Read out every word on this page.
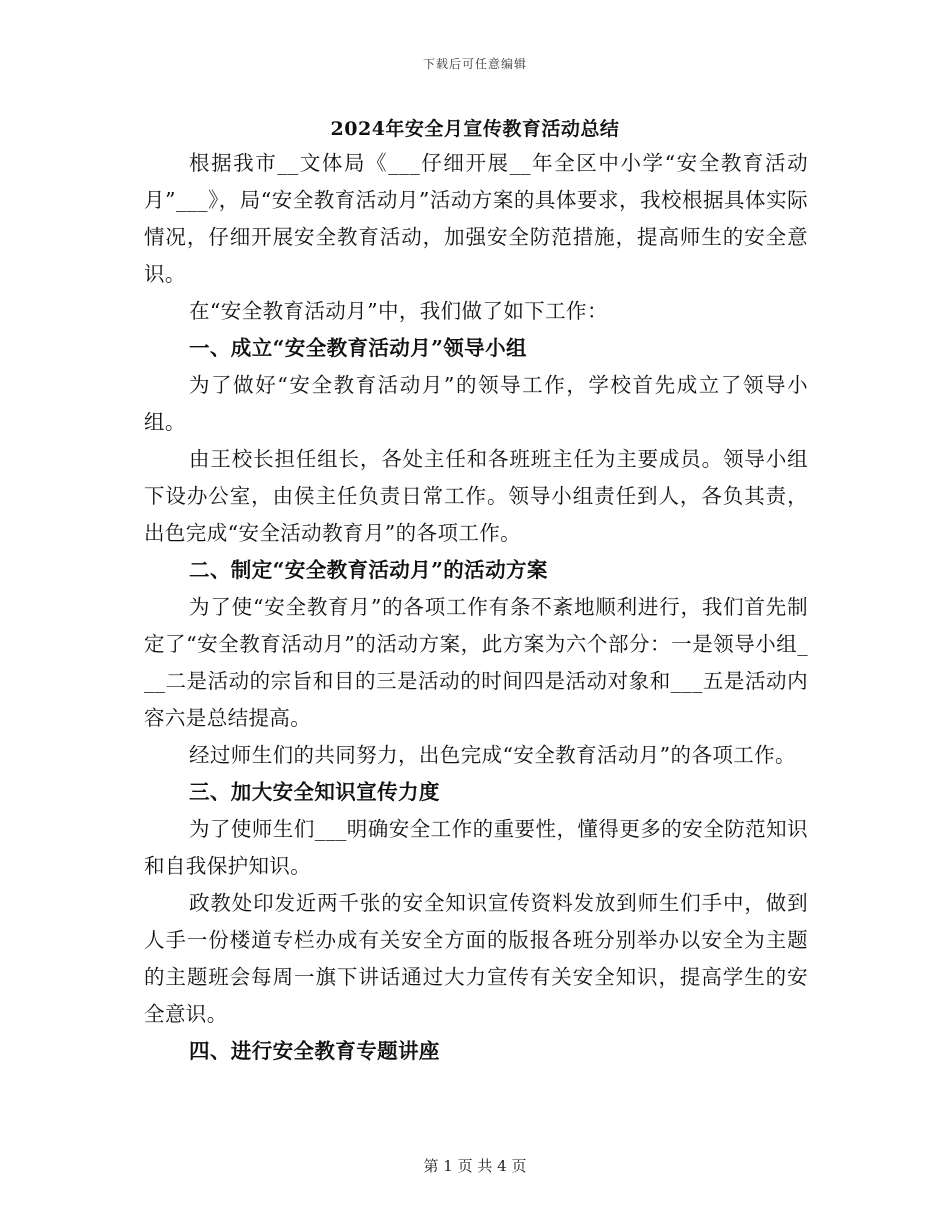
下载后可任意编辑
2024年安全月宣传教育活动总结

根据我市__文体局《___仔细开展__年全区中小学“安全教育活动月”___》，局“安全教育活动月”活动方案的具体要求，我校根据具体实际情况，仔细开展安全教育活动，加强安全防范措施，提高师生的安全意识。

在“安全教育活动月”中，我们做了如下工作：

一、成立“安全教育活动月”领导小组

为了做好“安全教育活动月”的领导工作，学校首先成立了领导小组。

由王校长担任组长，各处主任和各班班主任为主要成员。领导小组下设办公室，由侯主任负责日常工作。领导小组责任到人，各负其责，出色完成“安全活动教育月”的各项工作。

二、制定“安全教育活动月”的活动方案

为了使“安全教育月”的各项工作有条不紊地顺利进行，我们首先制定了“安全教育活动月”的活动方案，此方案为六个部分：一是领导小组___二是活动的宗旨和目的三是活动的时间四是活动对象和___五是活动内容六是总结提高。

经过师生们的共同努力，出色完成“安全教育活动月”的各项工作。

三、加大安全知识宣传力度

为了使师生们___明确安全工作的重要性，懂得更多的安全防范知识和自我保护知识。

政教处印发近两千张的安全知识宣传资料发放到师生们手中，做到人手一份楼道专栏办成有关安全方面的版报各班分别举办以安全为主题的主题班会每周一旗下讲话通过大力宣传有关安全知识，提高学生的安全意识。

四、进行安全教育专题讲座

第 1 页 共 4 页
